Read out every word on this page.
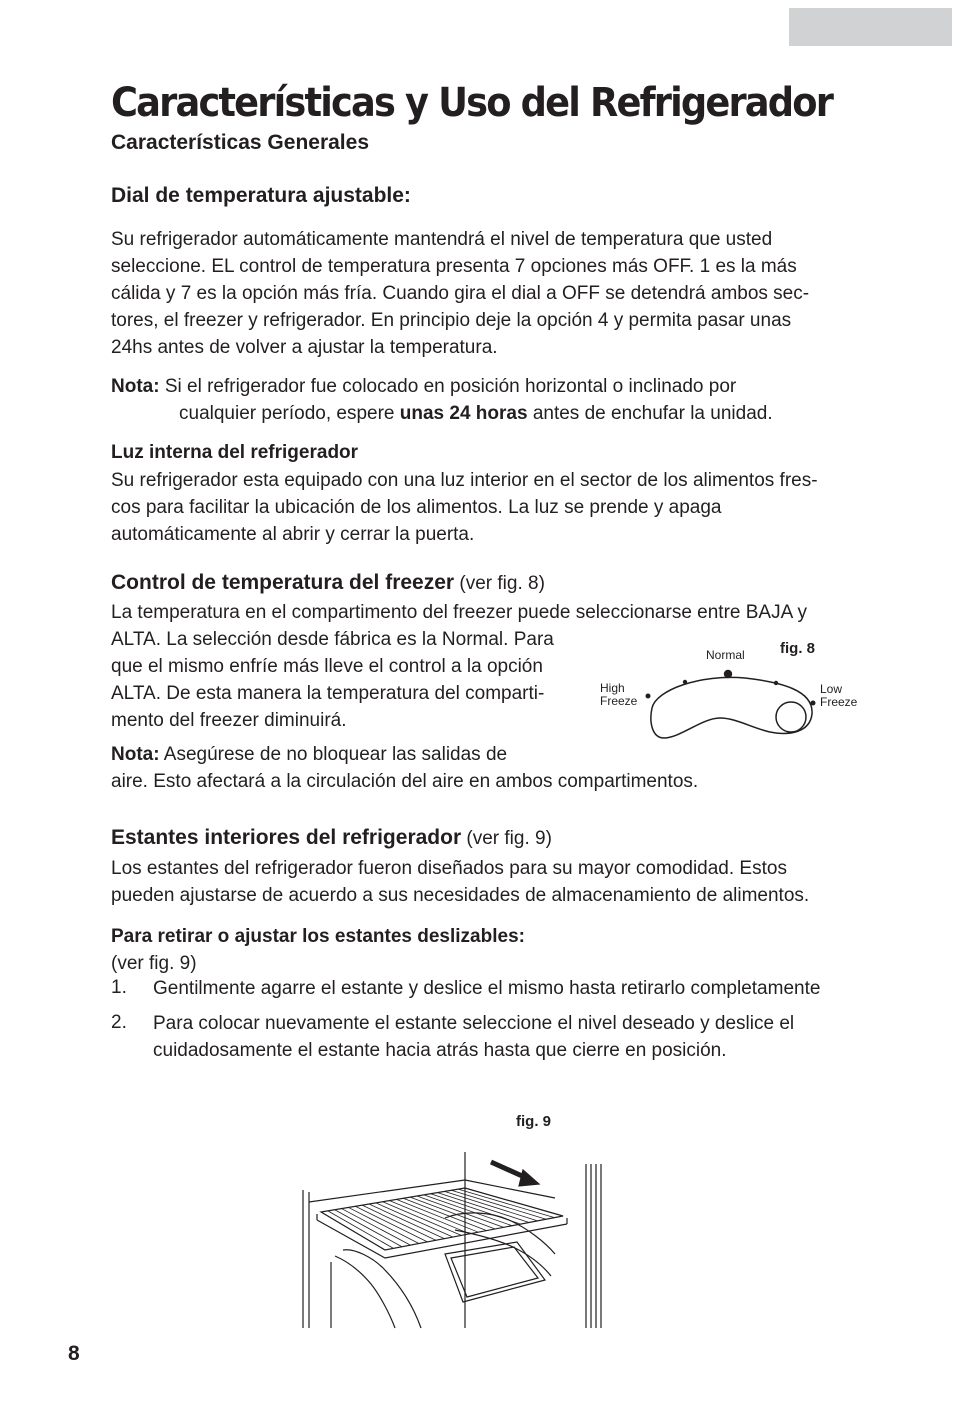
Características y Uso del Refrigerador
Características Generales
Dial de temperatura ajustable:
Su refrigerador automáticamente mantendrá el nivel de temperatura que usted
seleccione. EL control de temperatura presenta 7 opciones más OFF. 1 es la más
cálida y 7 es la opción más fría. Cuando gira el dial a OFF se detendrá ambos sec-
tores, el freezer y refrigerador. En principio deje la opción 4 y permita pasar unas
24hs antes de volver a ajustar la temperatura.
Nota: Si el refrigerador fue colocado en posición horizontal o inclinado por
cualquier período, espere unas 24 horas antes de enchufar la unidad.
Luz interna del refrigerador
Su refrigerador esta equipado con una luz interior en el sector de los alimentos fres-
cos para facilitar la ubicación de los alimentos. La luz se prende y apaga
automáticamente al abrir y cerrar la puerta.
Control de temperatura del freezer (ver fig. 8)
La temperatura en el compartimento del freezer puede seleccionarse entre BAJA y
ALTA. La selección desde fábrica es la Normal. Para
que el mismo enfríe más lleve el control a la opción
ALTA. De esta manera la temperatura del comparti-
mento del freezer diminuirá.
fig. 8
Normal
High
Freeze
Low
Freeze
Nota: Asegúrese de no bloquear las salidas de
aire. Esto afectará a la circulación del aire en ambos compartimentos.
Estantes interiores del refrigerador (ver fig. 9)
Los estantes del refrigerador fueron diseñados para su mayor comodidad. Estos
pueden ajustarse de acuerdo a sus necesidades de almacenamiento de alimentos.
Para retirar o ajustar los estantes deslizables:
(ver fig. 9)
1. Gentilmente agarre el estante y deslice el mismo hasta retirarlo completamente
2. Para colocar nuevamente el estante seleccione el nivel deseado y deslice el
cuidadosamente el estante hacia atrás hasta que cierre en posición.
fig. 9
8
